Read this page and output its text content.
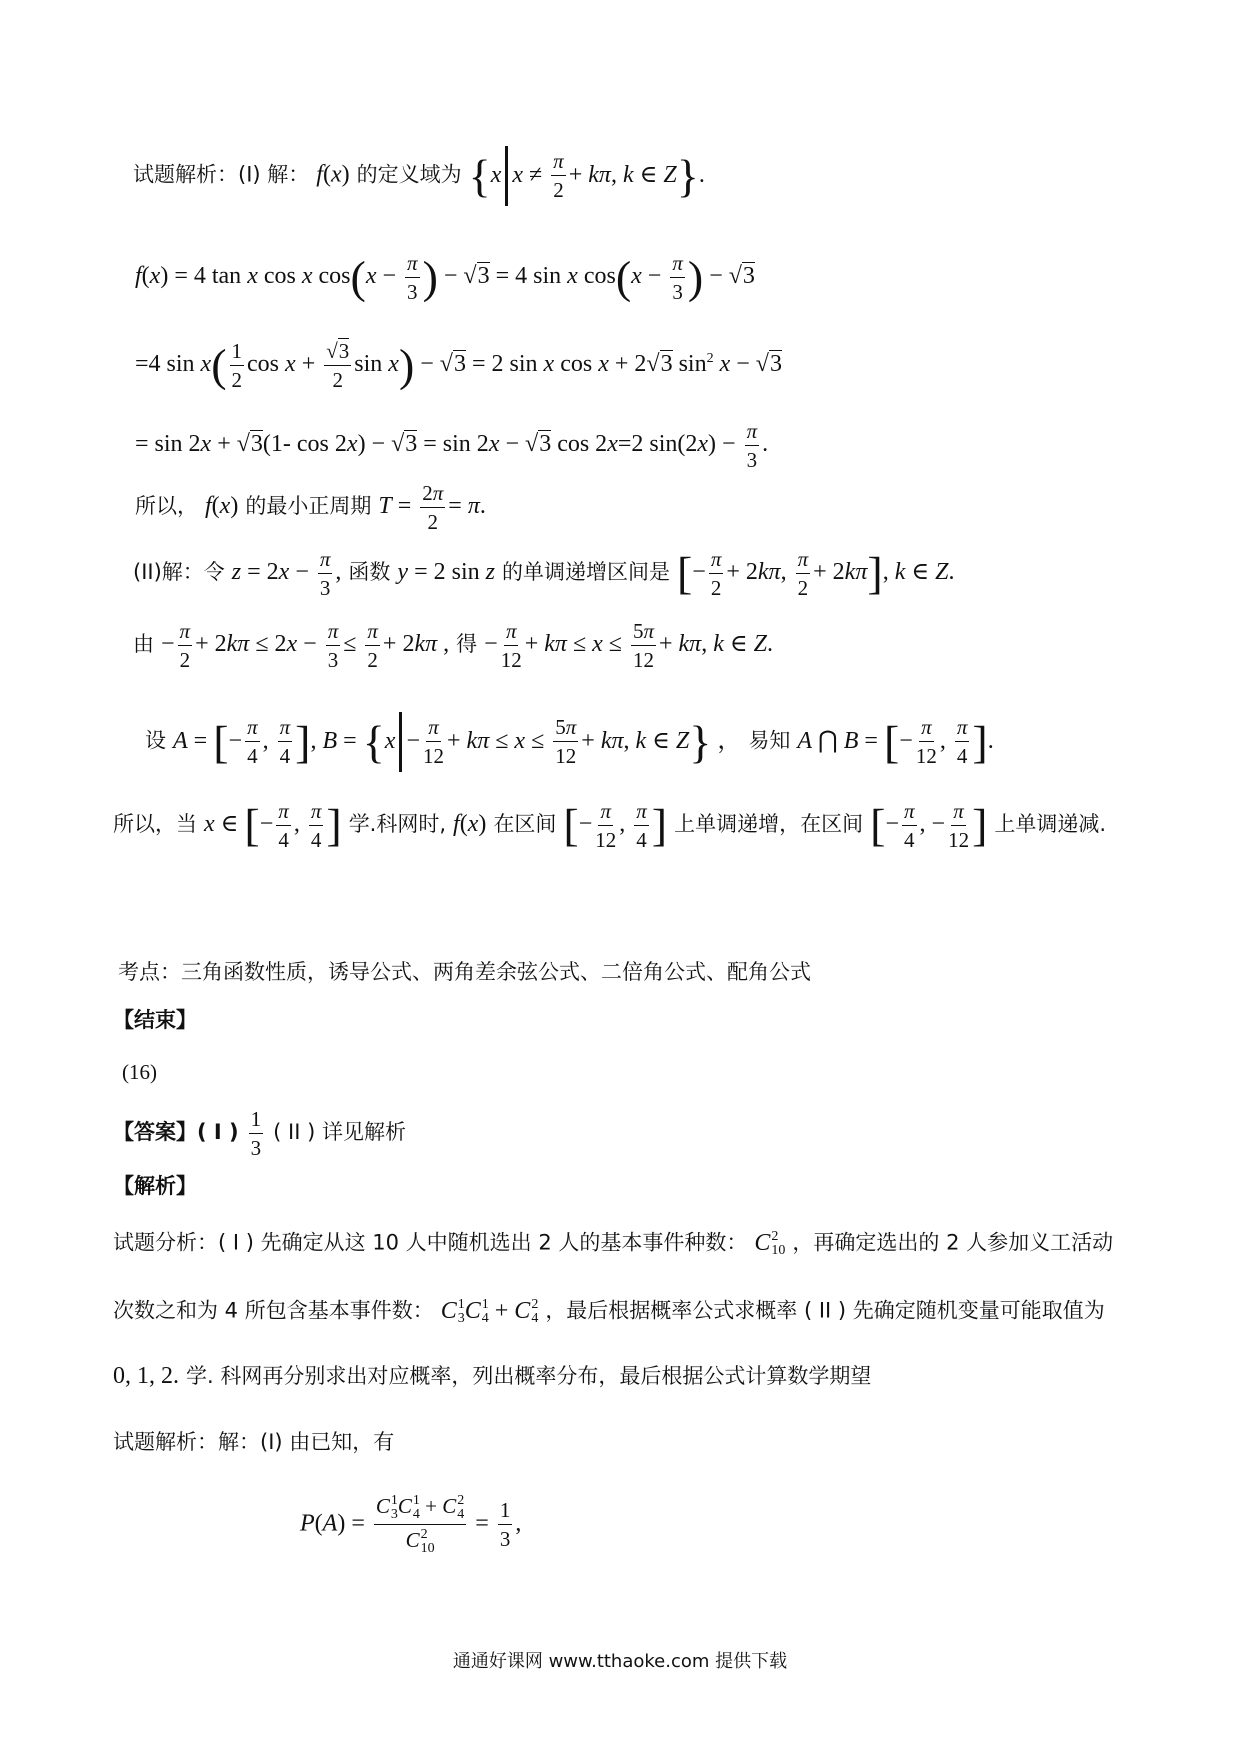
试题解析：(I) 解： f(x) 的定义域为 {x $x \ne \frac{\pi}{2} + k\pi$, k ∈ Z}.
f(x) = 4 tan x cos x $\cos(x - \frac{\pi}{3}$ ) − √3 = 4 sin x $\cos(x - \frac{\pi}{3}$ ) − √3
=4 $\sin x( \frac{1}{2}$ $\cos x + \frac{√3}{2}$ sin x) − √3 = 2 sin x cos x + 2√3 $\sin^2 x - √3$
= sin 2x + √3(1- cos 2x) − √3 = sin 2x − √3 cos 2x=2 $\sin(2x) - \frac{\pi}{3}$ .
所以， f(x) 的最小正周期 $T = \frac{2\pi}{2} = \pi$.
(II)解：令 $z = 2x - \frac{\pi}{3}$ , 函数 y = 2 sin z 的单调递增区间是 [− $\frac{\pi}{2} + 2k\pi$, $\frac{\pi}{2} + 2k\pi$], k ∈ Z.
由 − $\frac{\pi}{2} + 2k\pi \le 2x - \frac{\pi}{3} \le \frac{\pi}{2} + 2k\pi$ , 得 − $\frac{\pi}{12} + k\pi \le x \le \frac{5\pi}{12} + k\pi$, k ∈ Z.
设 A = [− $\frac{\pi}{4}$ , $\frac{\pi}{4}$ ], $B = \{x - \frac{\pi}{12} + k\pi \le x \le \frac{5\pi}{12} + k\pi$, k ∈ Z} ， 易知 A ⋂ B = [− $\frac{\pi}{12}$ , $\frac{\pi}{4}$ ].
所以，当 x ∈ [− $\frac{\pi}{4}$ , $\frac{\pi}{4}$ ] 学.科网时, f(x) 在区间 [− $\frac{\pi}{12}$ , $\frac{\pi}{4}$ ] 上单调递增，在区间 [− $\frac{\pi}{4}$ , − $\frac{\pi}{12}$ ] 上单调递减.
考点：三角函数性质，诱导公式、两角差余弦公式、二倍角公式、配角公式
【结束】
(16)
【答案】( I ) $\frac{1}{3}$ ( II ) 详见解析
【解析】
试题分析：( I ) 先确定从这 10 人中随机选出 2 人的基本事件种数： C 2
10 ，再确定选出的 2 人参加义工活动
次数之和为 4 所包含基本事件数： C 1
3 C 1
4 + C 2
4 ，最后根据概率公式求概率 ( II ) 先确定随机变量可能取值为
0, 1, 2. 学. 科网再分别求出对应概率，列出概率分布，最后根据公式计算数学期望
试题解析：解：(I) 由已知，有
P(A) = C 1
3 C 1
4 + C 2
4
C 2
$10 = \frac{1}{3}$ ,
通通好课网 www.tthaoke.com 提供下载
